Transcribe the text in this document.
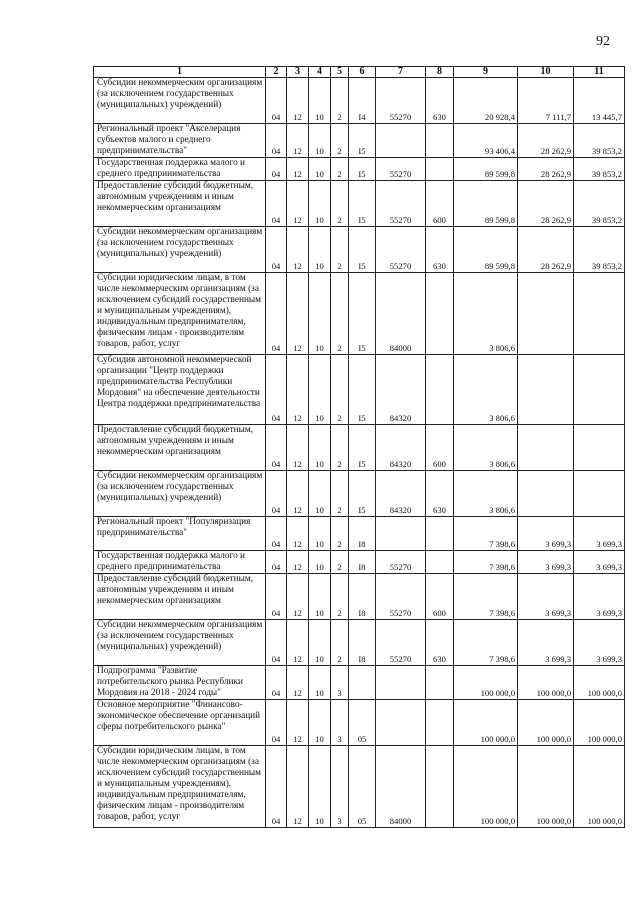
92
1	2	3	4	5	6	7	8	9	10	11
Субсидии некоммерческим организациям (за исключением государственных (муниципальных) учреждений)	04	12	10	2	I4	55270	630	20 928,4	7 111,7	13 445,7
Региональный проект "Акселерация субъектов малого и среднего предпринимательства"	04	12	10	2	I5			93 406,4	28 262,9	39 853,2
Государственная поддержка малого и среднего предпринимательства	04	12	10	2	I5	55270		89 599,8	28 262,9	39 853,2
Предоставление субсидий бюджетным, автономным учреждениям и иным некоммерческим организациям	04	12	10	2	I5	55270	600	89 599,8	28 262,9	39 853,2
Субсидии некоммерческим организациям (за исключением государственных (муниципальных) учреждений)	04	12	10	2	I5	55270	630	89 599,8	28 262,9	39 853,2
Субсидии юридическим лицам, в том числе некоммерческим организациям (за исключением субсидий государственным и муниципальным учреждениям), индивидуальным предпринимателям, физическим лицам - производителям товаров, работ, услуг	04	12	10	2	I5	84000		3 806,6		
Субсидия автономной некоммерческой организации "Центр поддержки предпринимательства Республики Мордовия" на обеспечение деятельности Центра поддержки предпринимательства	04	12	10	2	I5	84320		3 806,6		
Предоставление субсидий бюджетным, автономным учреждениям и иным некоммерческим организациям	04	12	10	2	I5	84320	600	3 806,6		
Субсидии некоммерческим организациям (за исключением государственных (муниципальных) учреждений)	04	12	10	2	I5	84320	630	3 806,6		
Региональный проект "Популяризация предпринимательства"	04	12	10	2	I8			7 398,6	3 699,3	3 699,3
Государственная поддержка малого и среднего предпринимательства	04	12	10	2	I8	55270		7 398,6	3 699,3	3 699,3
Предоставление субсидий бюджетным, автономным учреждениям и иным некоммерческим организациям	04	12	10	2	I8	55270	600	7 398,6	3 699,3	3 699,3
Субсидии некоммерческим организациям (за исключением государственных (муниципальных) учреждений)	04	12	10	2	I8	55270	630	7 398,6	3 699,3	3 699,3
Подпрограмма "Развитие потребительского рынка Республики Мордовия на 2018 - 2024 годы"	04	12	10	3				100 000,0	100 000,0	100 000,0
Основное мероприятие "Финансово-экономическое обеспечение организаций сферы потребительского рынка"	04	12	10	3	05			100 000,0	100 000,0	100 000,0
Субсидии юридическим лицам, в том числе некоммерческим организациям (за исключением субсидий государственным и муниципальным учреждениям), индивидуальным предпринимателям, физическим лицам - производителям товаров, работ, услуг	04	12	10	3	05	84000		100 000,0	100 000,0	100 000,0
